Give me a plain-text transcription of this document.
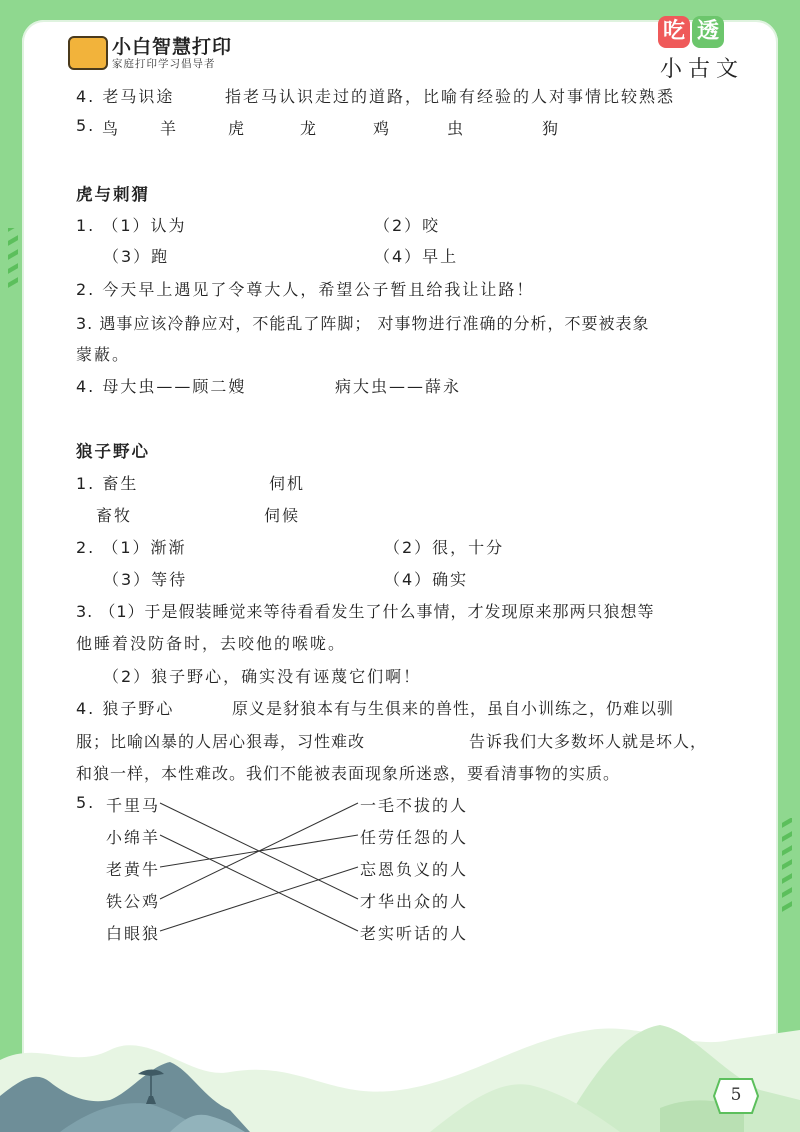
小白智慧打印
家庭打印学习倡导者
吃 透
小古文
4. 老马识途	指老马认识走过的道路，比喻有经验的人对事情比较熟悉
5. 鸟 羊	虎	龙	鸡	虫	狗
虎与刺猬
1. （1）认为	（2）咬
（3）跑	（4）早上
2. 今天早上遇见了令尊大人，希望公子暂且给我让让路！
3. 遇事应该冷静应对，不能乱了阵脚； 对事物进行准确的分析，不要被表象
蒙蔽。
4. 母大虫——顾二嫂	病大虫——薛永
狼子野心
1. 畜生	伺机
畜牧	伺候
2. （1）渐渐	（2）很，十分
（3）等待	（4）确实
3. （1）于是假装睡觉来等待看看发生了什么事情，才发现原来那两只狼想等
他睡着没防备时，去咬他的喉咙。
（2）狼子野心，确实没有诬蔑它们啊！
4. 狼子野心	原义是豺狼本有与生俱来的兽性，虽自小训练之，仍难以驯
服；比喻凶暴的人居心狠毒，习性难改	告诉我们大多数坏人就是坏人，
和狼一样，本性难改。我们不能被表面现象所迷惑，要看清事物的实质。
5. 千里马
小绵羊
老黄牛
铁公鸡
白眼狼
一毛不拔的人
任劳任怨的人
忘恩负义的人
才华出众的人
老实听话的人
5
